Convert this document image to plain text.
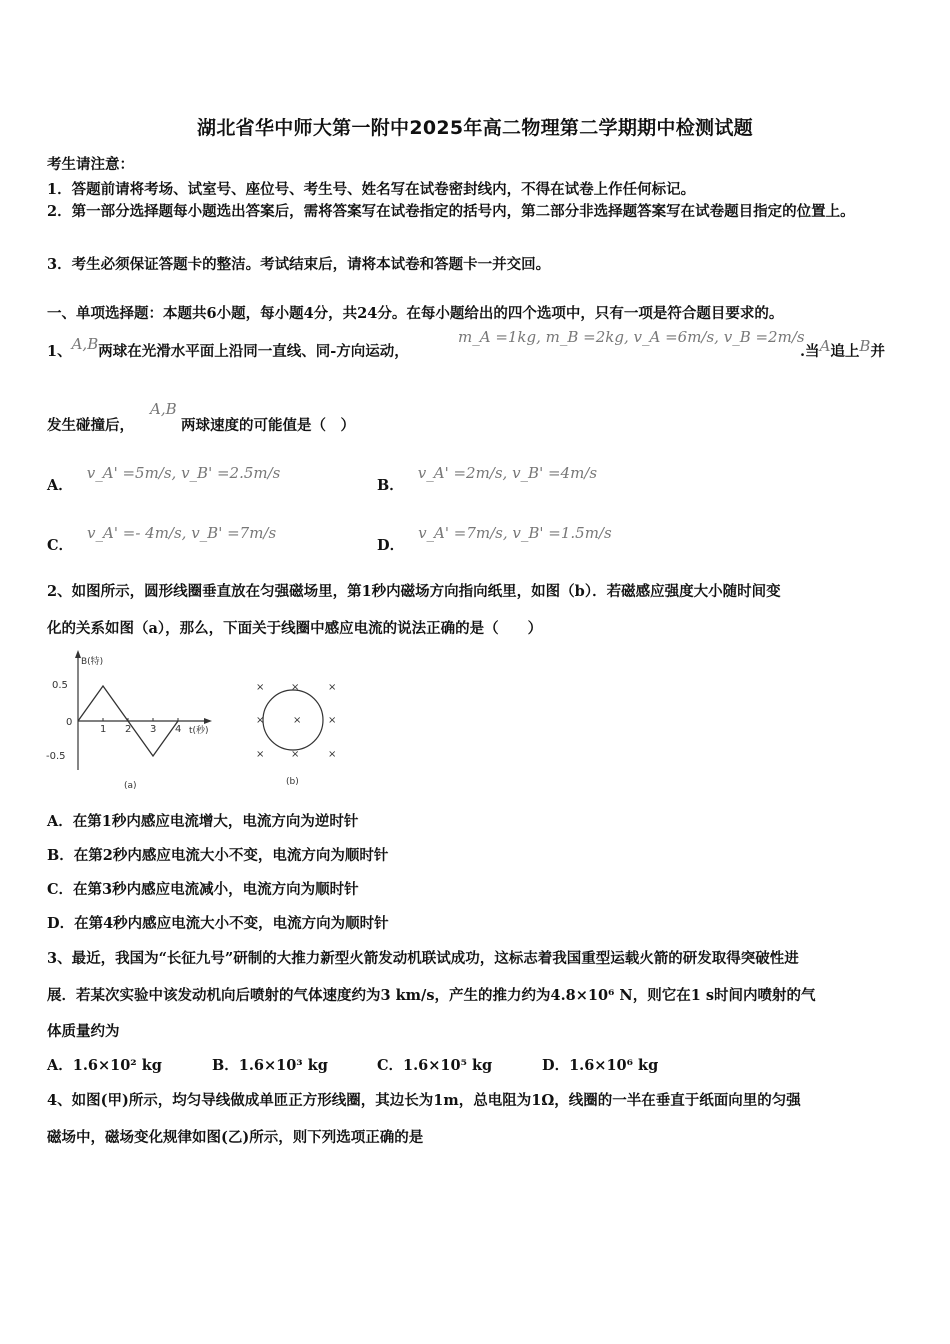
湖北省华中师大第一附中2025年高二物理第二学期期中检测试题
考生请注意：
1．答题前请将考场、试室号、座位号、考生号、姓名写在试卷密封线内，不得在试卷上作任何标记。
2．第一部分选择题每小题选出答案后，需将答案写在试卷指定的括号内，第二部分非选择题答案写在试卷题目指定的位置上。
3．考生必须保证答题卡的整洁。考试结束后，请将本试卷和答题卡一并交回。
一、单项选择题：本题共6小题，每小题4分，共24分。在每小题给出的四个选项中，只有一项是符合题目要求的。
1、A,B两球在光滑水平面上沿同一直线、同-方向运动，
m_A =1kg, m_B =2kg, v_A =6m/s, v_B =2m/s
.当A追上B并
发生碰撞后，
A,B
两球速度的可能值是（　）
A．v_A' =5m/s, v_B' =2.5m/s
B．v_A' =2m/s, v_B' =4m/s
C．v_A' =- 4m/s, v_B' =7m/s
D．v_A' =7m/s, v_B' =1.5m/s
2、如图所示，圆形线圈垂直放在匀强磁场里，第1秒内磁场方向指向纸里，如图（b）．若磁感应强度大小随时间变
化的关系如图（a），那么，下面关于线圈中感应电流的说法正确的是（　　）
B(特)
t(秒)
0.5
0
-0.5
1 2 3 4
(a)
×	×	×
×	×	×
×	×	×
(b)
A．在第1秒内感应电流增大，电流方向为逆时针
B．在第2秒内感应电流大小不变，电流方向为顺时针
C．在第3秒内感应电流减小，电流方向为顺时针
D．在第4秒内感应电流大小不变，电流方向为顺时针
3、最近，我国为“长征九号”研制的大推力新型火箭发动机联试成功，这标志着我国重型运载火箭的研发取得突破性进
展．若某次实验中该发动机向后喷射的气体速度约为3 km/s，产生的推力约为4.8×10⁶ N，则它在1 s时间内喷射的气
体质量约为
A．1.6×10² kg	B．1.6×10³ kg	C．1.6×10⁵ kg	D．1.6×10⁶ kg
4、如图(甲)所示，均匀导线做成单匝正方形线圈，其边长为1m，总电阻为1Ω，线圈的一半在垂直于纸面向里的匀强
磁场中，磁场变化规律如图(乙)所示，则下列选项正确的是
